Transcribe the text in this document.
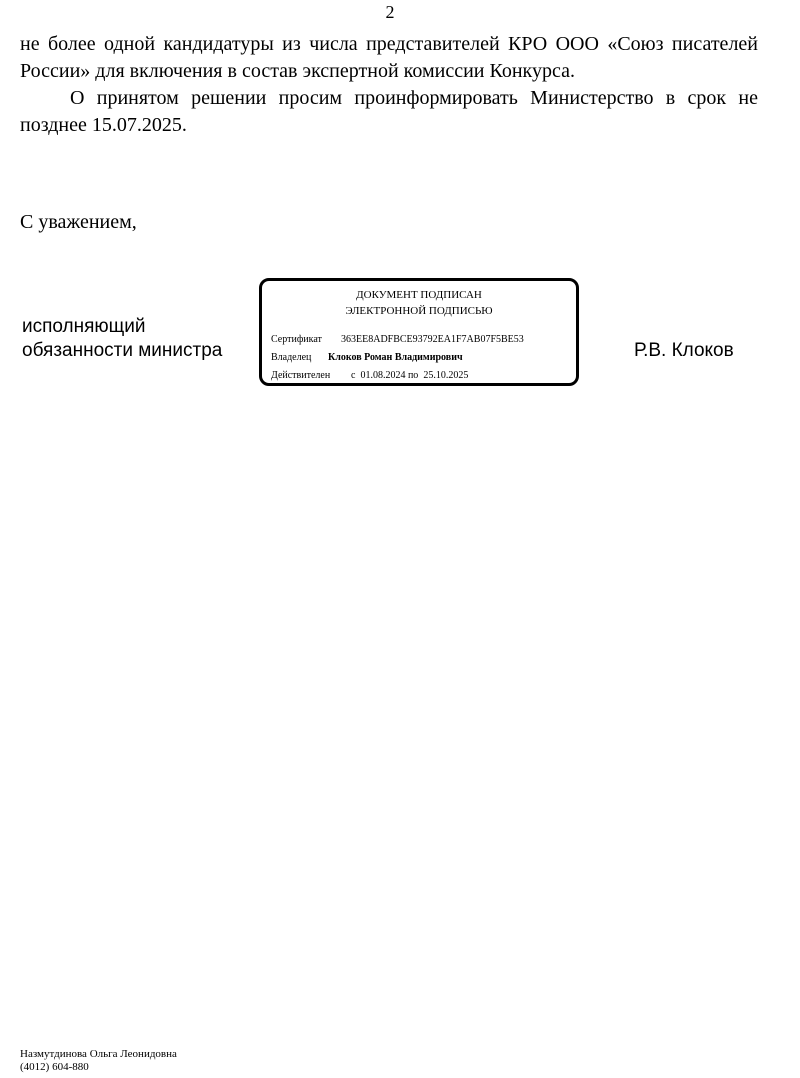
2

не более одной кандидатуры из числа представителей КРО ООО «Союз писателей России» для включения в состав экспертной комиссии Конкурса.

О принятом решении просим проинформировать Министерство в срок не позднее 15.07.2025.

С уважением,
исполняющий
обязанности министра
ДОКУМЕНТ ПОДПИСАН
ЭЛЕКТРОННОЙ ПОДПИСЬЮ
Сертификат 363EE8ADFBCE93792EA1F7AB07F5BE53
Владелец Клоков Роман Владимирович
Действителен с 01.08.2024 по 25.10.2025
Р.В. Клоков
Назмутдинова Ольга Леонидовна
(4012) 604-880
